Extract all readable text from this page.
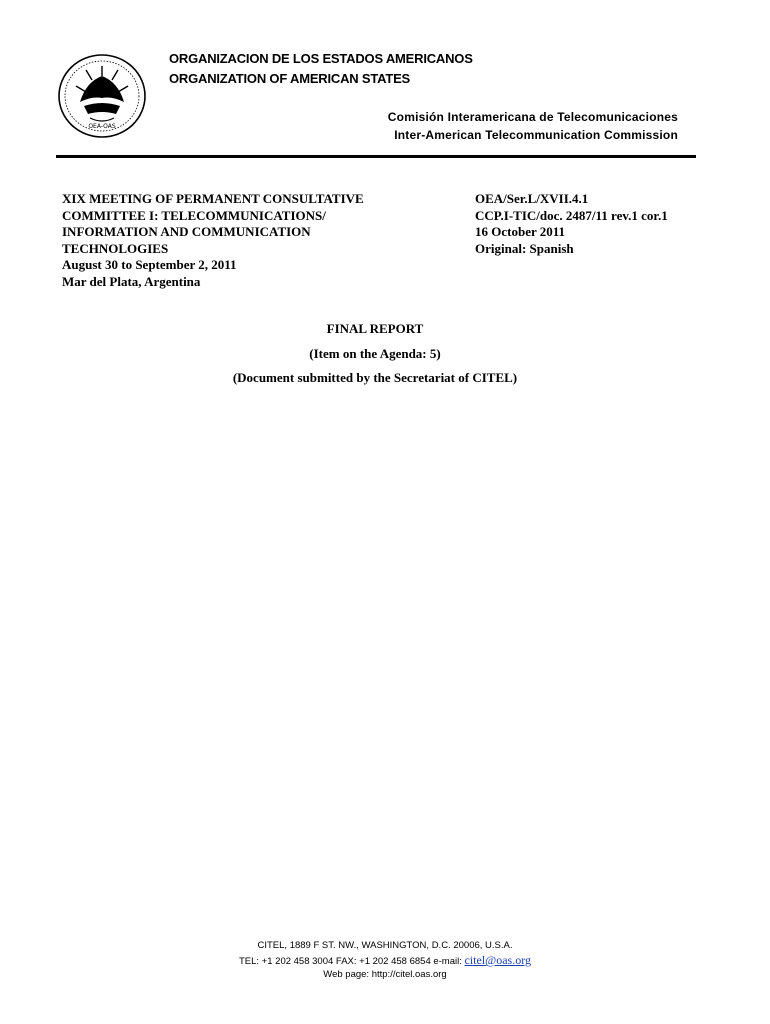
OEA-OAS
ORGANIZACION DE LOS ESTADOS AMERICANOS
ORGANIZATION OF AMERICAN STATES
Comisión Interamericana de Telecomunicaciones
Inter-American Telecommunication Commission
XIX MEETING OF PERMANENT CONSULTATIVE
COMMITTEE I: TELECOMMUNICATIONS/
INFORMATION AND COMMUNICATION
TECHNOLOGIES
August 30 to September 2, 2011
Mar del Plata, Argentina
OEA/Ser.L/XVII.4.1
CCP.I-TIC/doc. 2487/11 rev.1 cor.1
16 October 2011
Original: Spanish
FINAL REPORT
(Item on the Agenda: 5)
(Document submitted by the Secretariat of CITEL)
CITEL, 1889 F ST. NW., WASHINGTON, D.C. 20006, U.S.A.
TEL: +1 202 458 3004 FAX: +1 202 458 6854 e-mail: citel@oas.org
Web page: http://citel.oas.org
